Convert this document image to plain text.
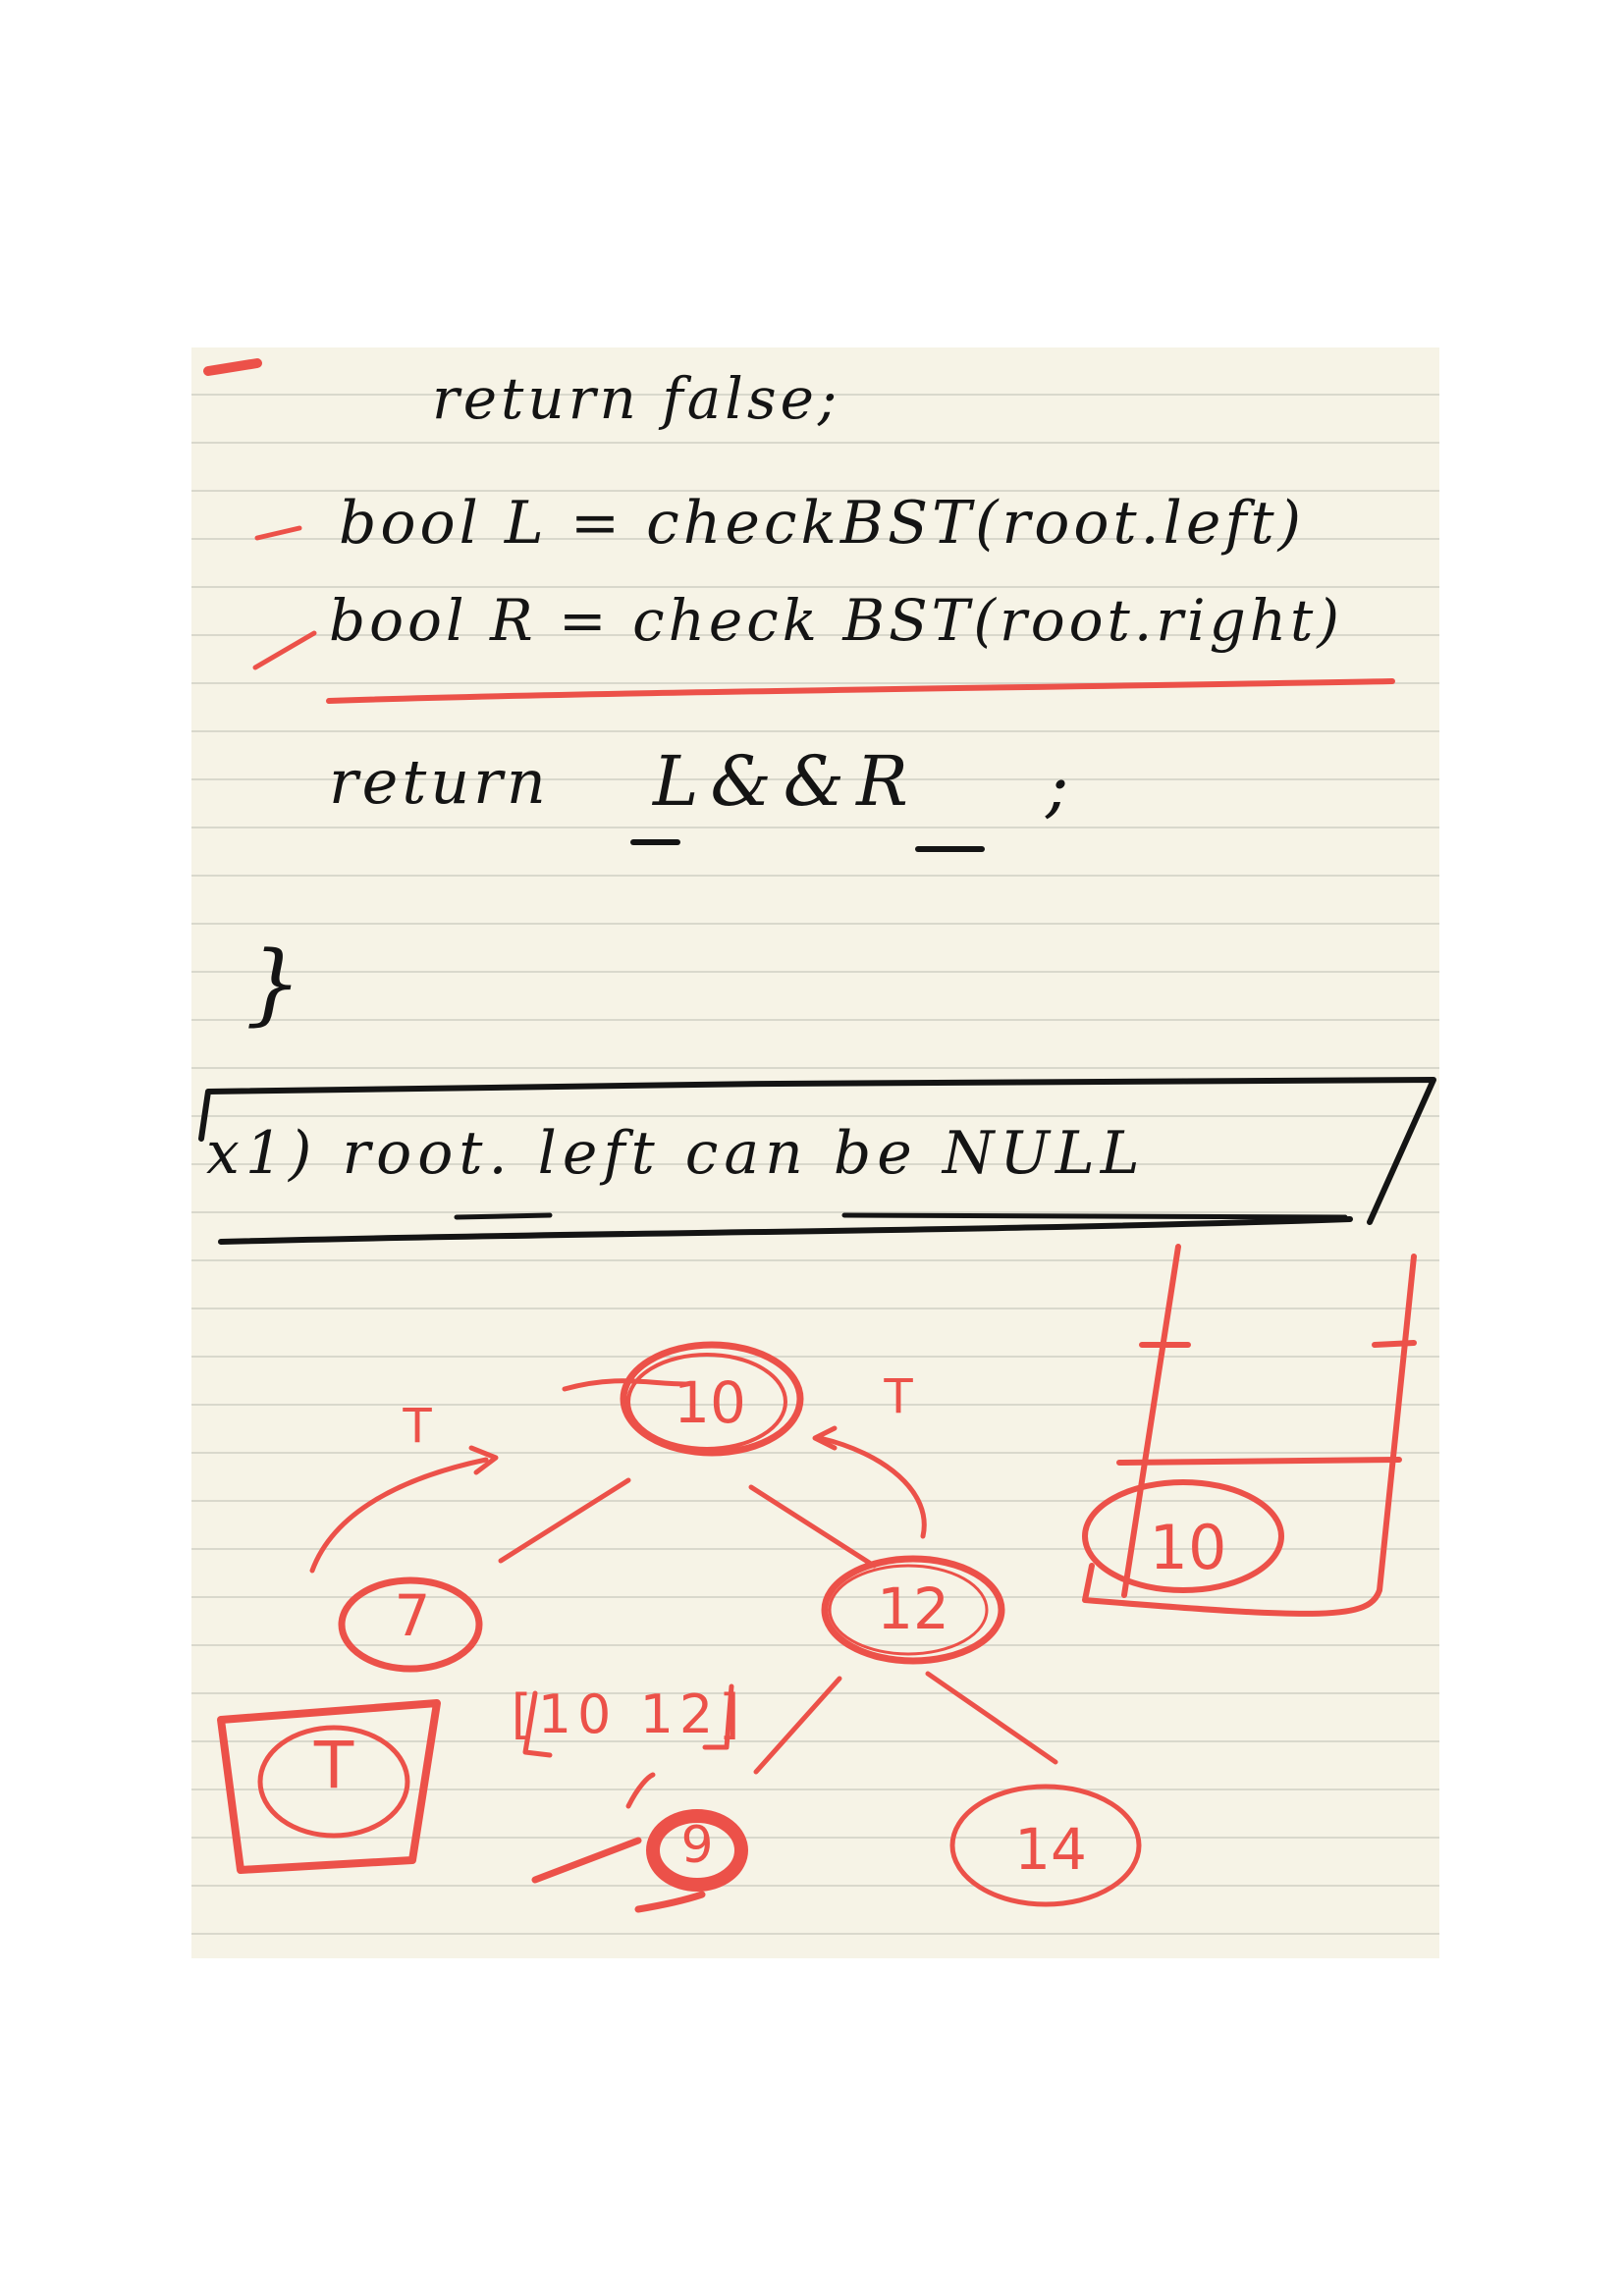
return false;
bool L = checkBST(root.left)
bool R = check BST(root.right)
return L&&R ;
}
x1) root. left can be NULL
10
7	12
9	14
[10 12]
T
T
T
10
